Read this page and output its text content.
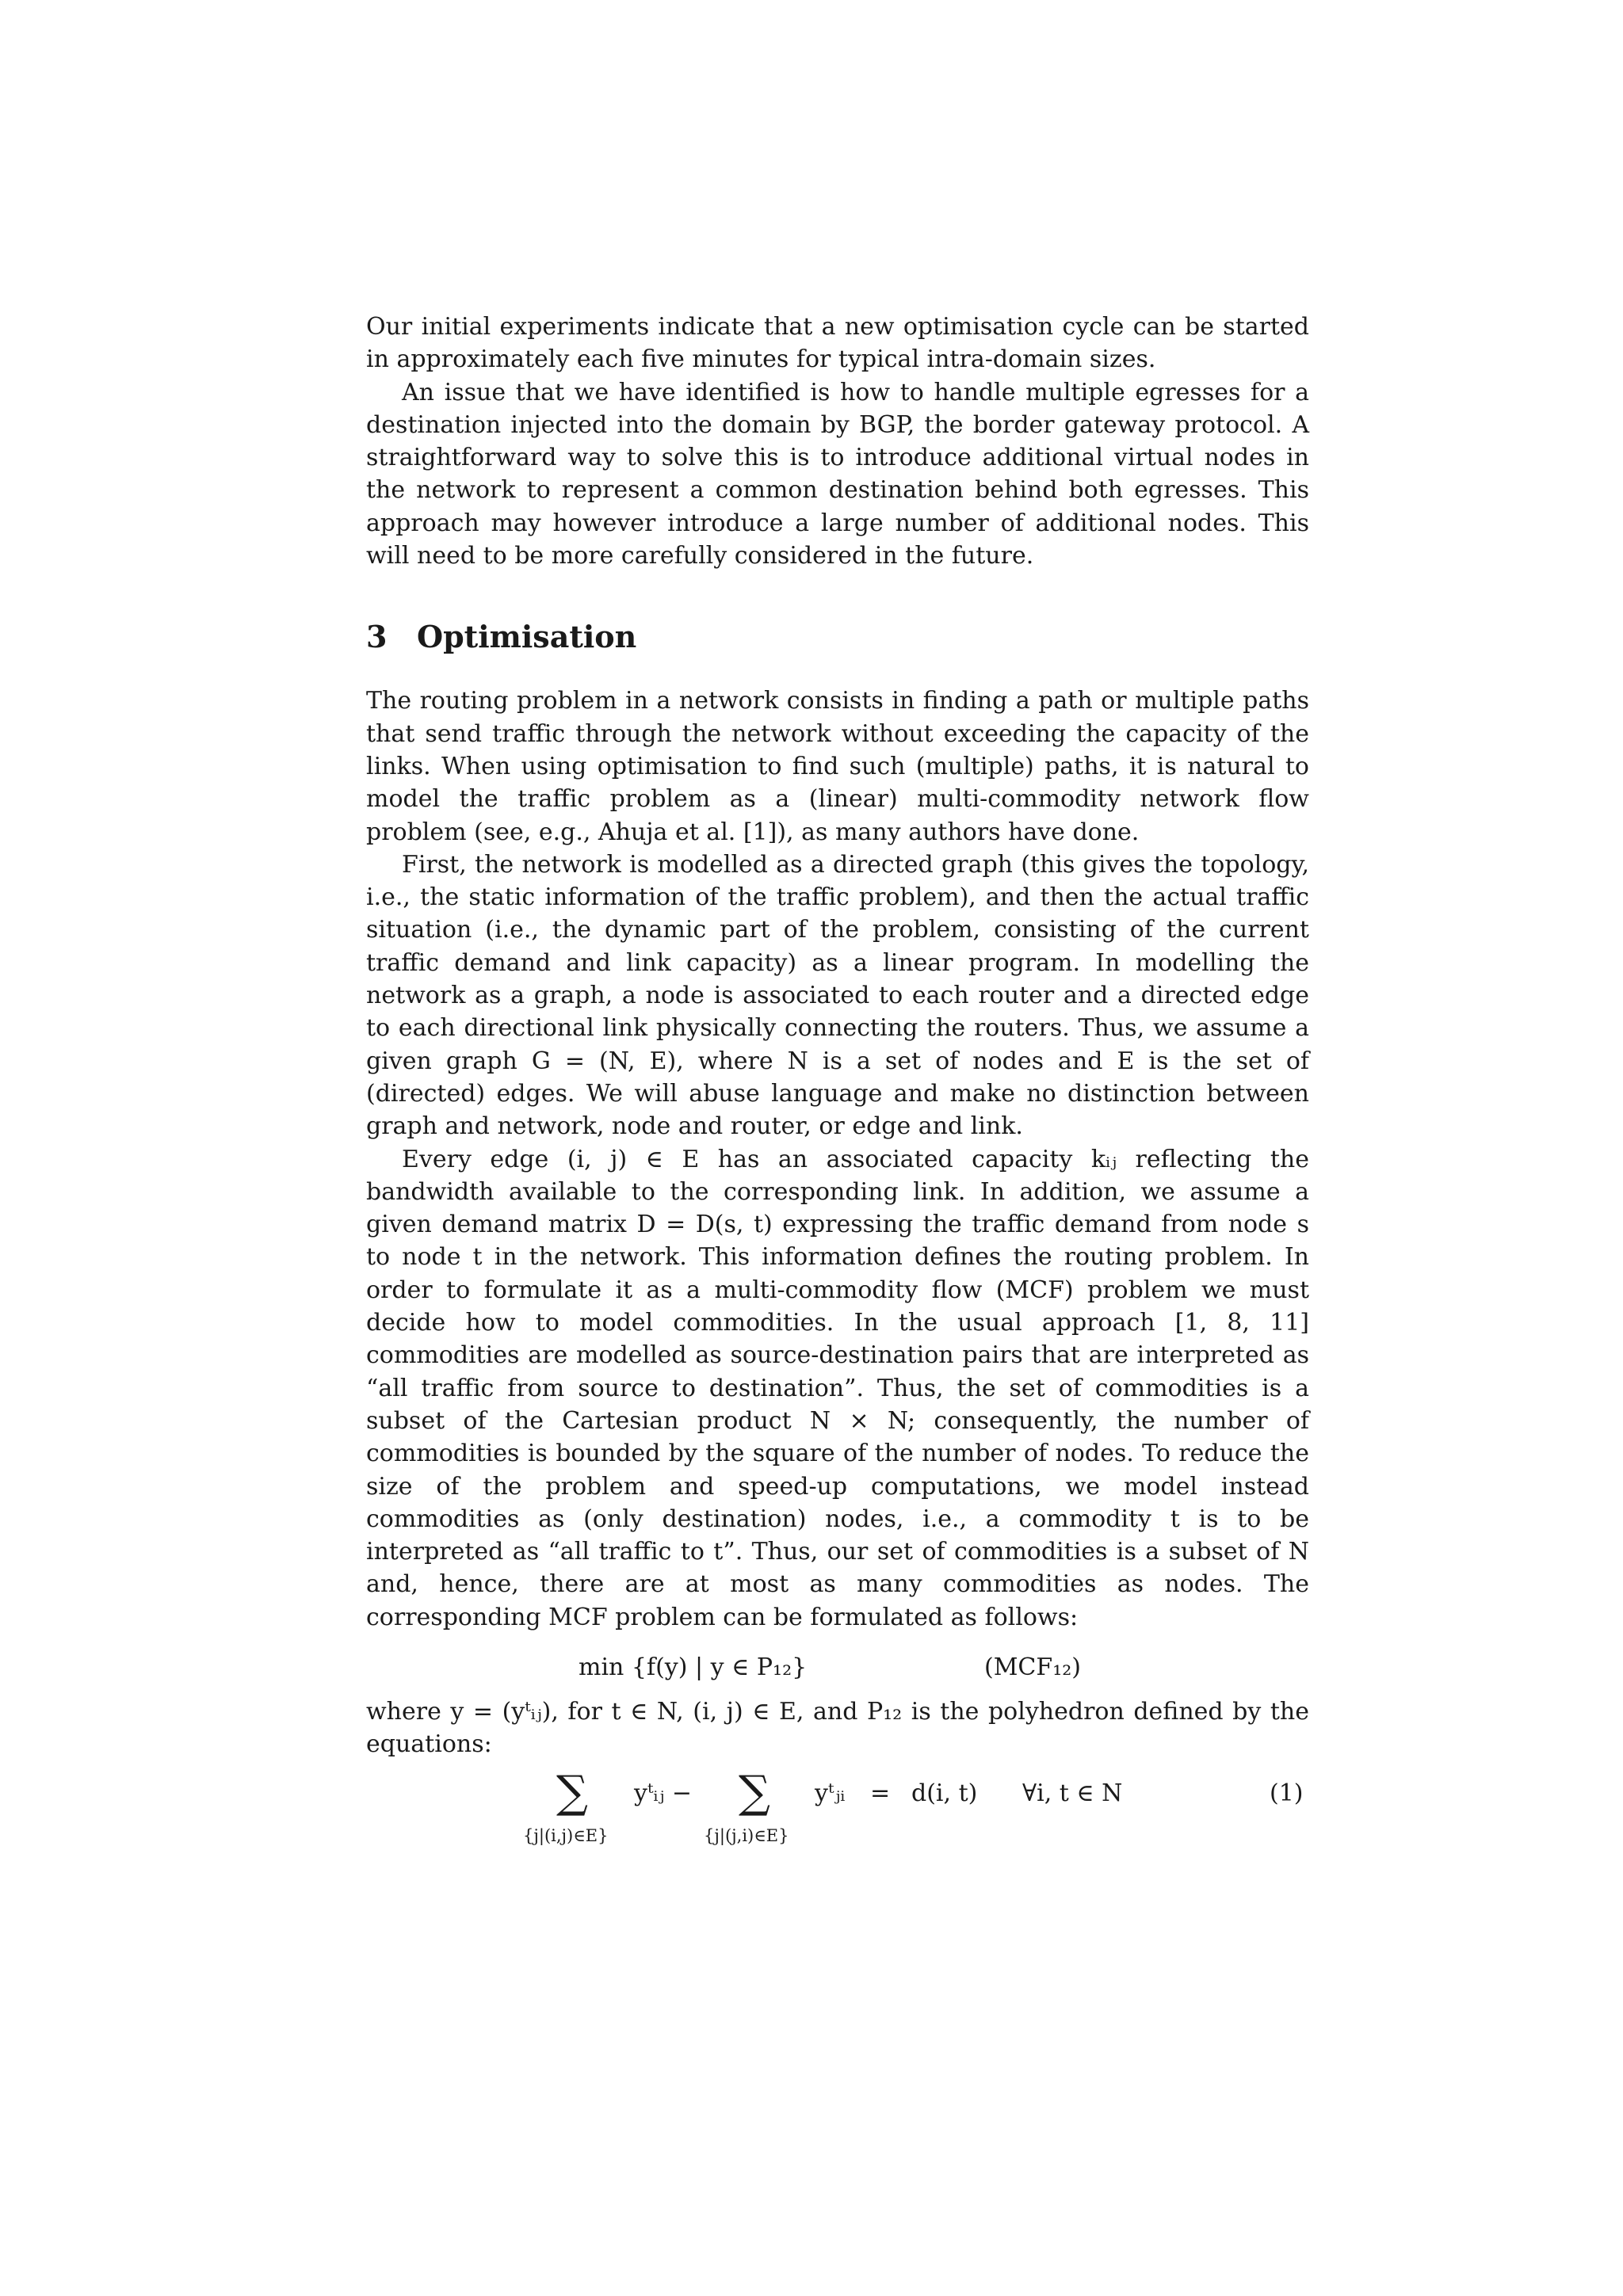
Our initial experiments indicate that a new optimisation cycle can be started in approximately each five minutes for typical intra-domain sizes.

An issue that we have identified is how to handle multiple egresses for a destination injected into the domain by BGP, the border gateway protocol. A straightforward way to solve this is to introduce additional virtual nodes in the network to represent a common destination behind both egresses. This approach may however introduce a large number of additional nodes. This will need to be more carefully considered in the future.

3 Optimisation

The routing problem in a network consists in finding a path or multiple paths that send traffic through the network without exceeding the capacity of the links. When using optimisation to find such (multiple) paths, it is natural to model the traffic problem as a (linear) multi-commodity network flow problem (see, e.g., Ahuja et al. [1]), as many authors have done.

First, the network is modelled as a directed graph (this gives the topology, i.e., the static information of the traffic problem), and then the actual traffic situation (i.e., the dynamic part of the problem, consisting of the current traffic demand and link capacity) as a linear program. In modelling the network as a graph, a node is associated to each router and a directed edge to each directional link physically connecting the routers. Thus, we assume a given graph G = (N, E), where N is a set of nodes and E is the set of (directed) edges. We will abuse language and make no distinction between graph and network, node and router, or edge and link.

Every edge (i, j) ∈ E has an associated capacity kᵢⱼ reflecting the bandwidth available to the corresponding link. In addition, we assume a given demand matrix D = D(s, t) expressing the traffic demand from node s to node t in the network. This information defines the routing problem. In order to formulate it as a multi-commodity flow (MCF) problem we must decide how to model commodities. In the usual approach [1, 8, 11] commodities are modelled as source-destination pairs that are interpreted as “all traffic from source to destination”. Thus, the set of commodities is a subset of the Cartesian product N × N; consequently, the number of commodities is bounded by the square of the number of nodes. To reduce the size of the problem and speed-up computations, we model instead commodities as (only destination) nodes, i.e., a commodity t is to be interpreted as “all traffic to t”. Thus, our set of commodities is a subset of N and, hence, there are at most as many commodities as nodes. The corresponding MCF problem can be formulated as follows:

min {f(y) | y ∈ P₁₂}	(MCF₁₂)

where y = (yᵗᵢⱼ), for t ∈ N, (i, j) ∈ E, and P₁₂ is the polyhedron defined by the equations:

∑
{j|(i,j)∈E}
yᵗᵢⱼ − ∑
{j|(j,i)∈E}
yᵗⱼᵢ = d(i, t) ∀i, t ∈ N	(1)
